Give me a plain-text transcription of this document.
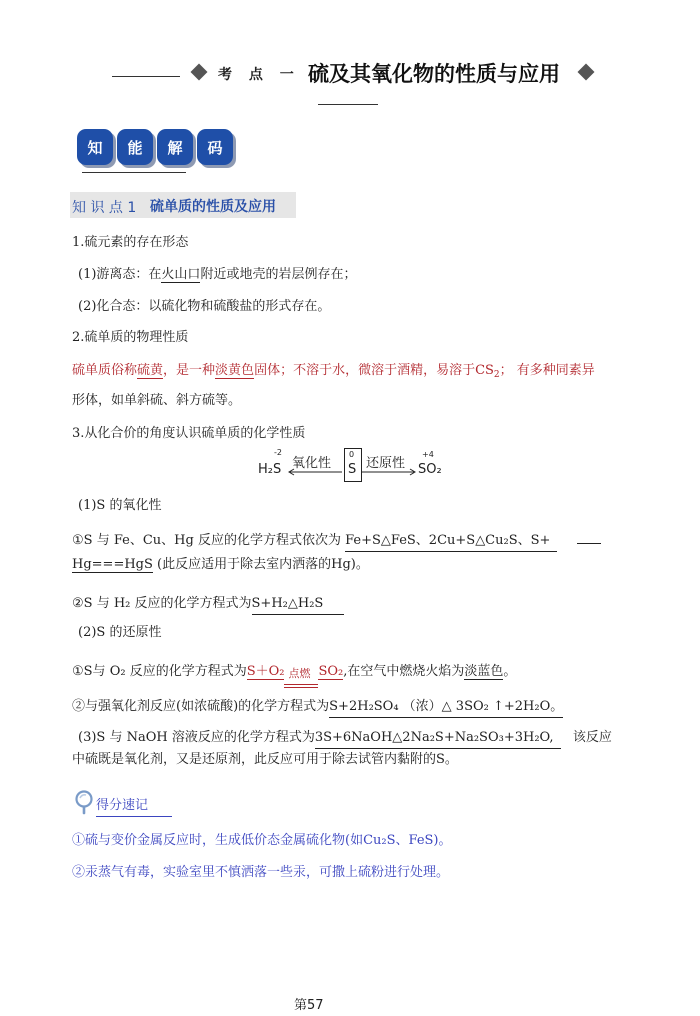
考 点 一 硫及其氧化物的性质与应用
知	能	解	码
知 识 点 1 硫单质的性质及应用
1.硫元素的存在形态
(1)游离态：在火山口附近或地壳的岩层例存在；
(2)化合态：以硫化物和硫酸盐的形式存在。
2.硫单质的物理性质
硫单质俗称硫黄，是一种淡黄色固体；不溶于水，微溶于酒精，易溶于$CS_2$； 有多种同素异
形体，如单斜硫、斜方硫等。
3.从化合价的角度认识硫单质的化学性质
-2
H₂S 氧化性
0
S 还原性
+4
SO₂
(1)S 的氧化性
①S 与 Fe、Cu、Hg 反应的化学方程式依次为 Fe+S△FeS、2Cu+S△Cu₂S、S+
Hg===HgS (此反应适用于除去室内洒落的Hg)。
②S 与 H₂ 反应的化学方程式为S+H₂△H₂S
(2)S 的还原性
①S与 O₂ 反应的化学方程式为S＋O₂ 点燃 SO₂,在空气中燃烧火焰为淡蓝色。
②与强氧化剂反应(如浓硫酸)的化学方程式为S+2H₂SO₄ （浓）△ 3SO₂ ↑+2H₂O。
(3)S 与 NaOH 溶液反应的化学方程式为3S+6NaOH△2Na₂S+Na₂SO₃+3H₂O, 该反应
中硫既是氧化剂，又是还原剂，此反应可用于除去试管内黏附的S。
得分速记
①硫与变价金属反应时，生成低价态金属硫化物(如Cu₂S、FeS)。
②汞蒸气有毒，实验室里不慎洒落一些汞，可撒上硫粉进行处理。
第57
